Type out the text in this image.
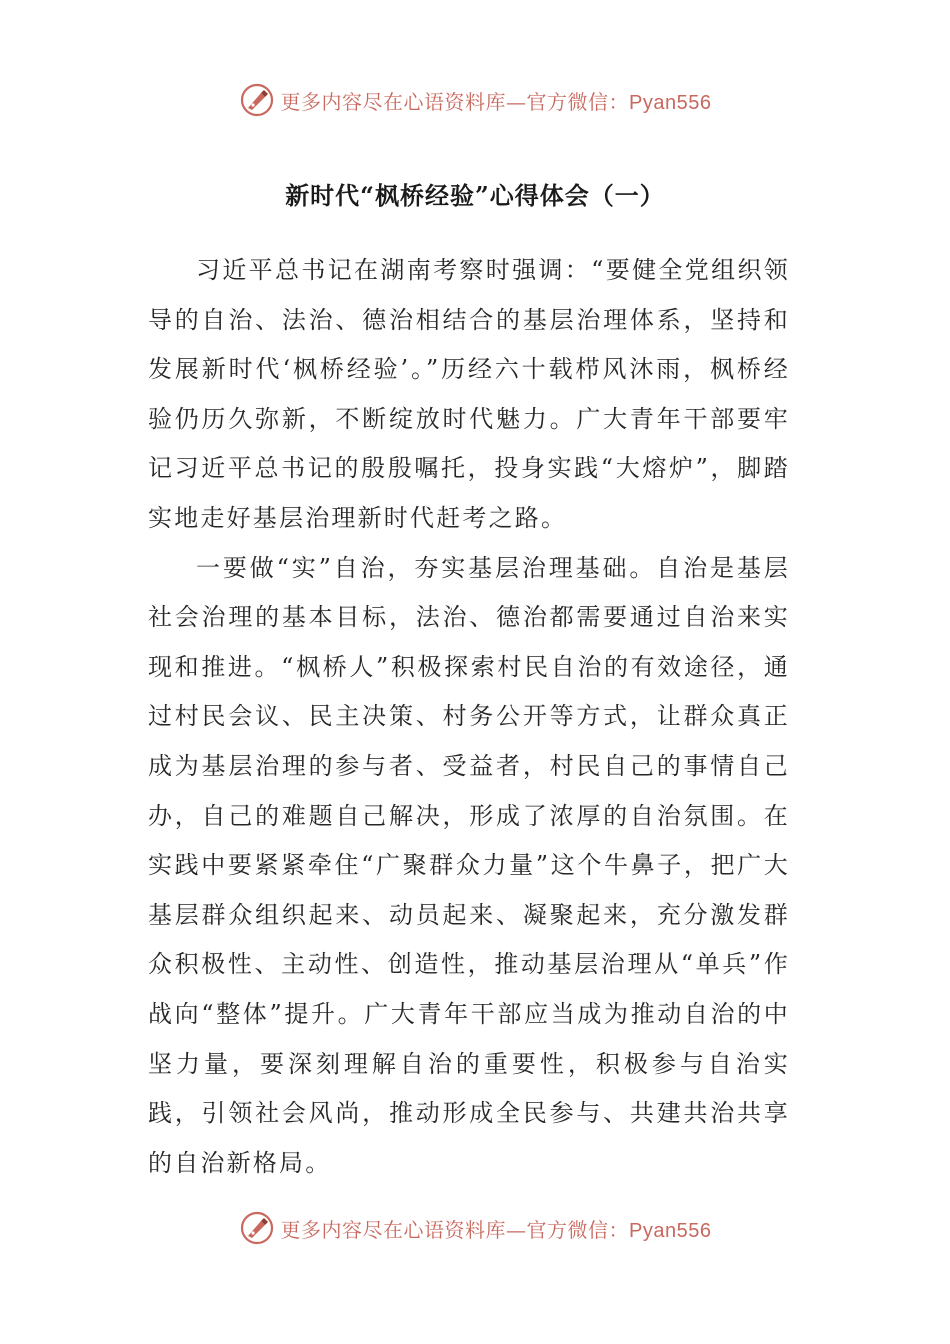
更多内容尽在心语资料库—官方微信：Pyan556
新时代“枫桥经验”心得体会（一）

习近平总书记在湖南考察时强调：“要健全党组织领导的自治、法治、德治相结合的基层治理体系，坚持和发展新时代‘枫桥经验’。”历经六十载栉风沐雨，枫桥经验仍历久弥新，不断绽放时代魅力。广大青年干部要牢记习近平总书记的殷殷嘱托，投身实践“大熔炉”，脚踏实地走好基层治理新时代赶考之路。

一要做“实”自治，夯实基层治理基础。自治是基层社会治理的基本目标，法治、德治都需要通过自治来实现和推进。“枫桥人”积极探索村民自治的有效途径，通过村民会议、民主决策、村务公开等方式，让群众真正成为基层治理的参与者、受益者，村民自己的事情自己办，自己的难题自己解决，形成了浓厚的自治氛围。在实践中要紧紧牵住“广聚群众力量”这个牛鼻子，把广大基层群众组织起来、动员起来、凝聚起来，充分激发群众积极性、主动性、创造性，推动基层治理从“单兵”作战向“整体”提升。广大青年干部应当成为推动自治的中坚力量，要深刻理解自治的重要性，积极参与自治实践，引领社会风尚，推动形成全民参与、共建共治共享的自治新格局。

更多内容尽在心语资料库—官方微信：Pyan556
